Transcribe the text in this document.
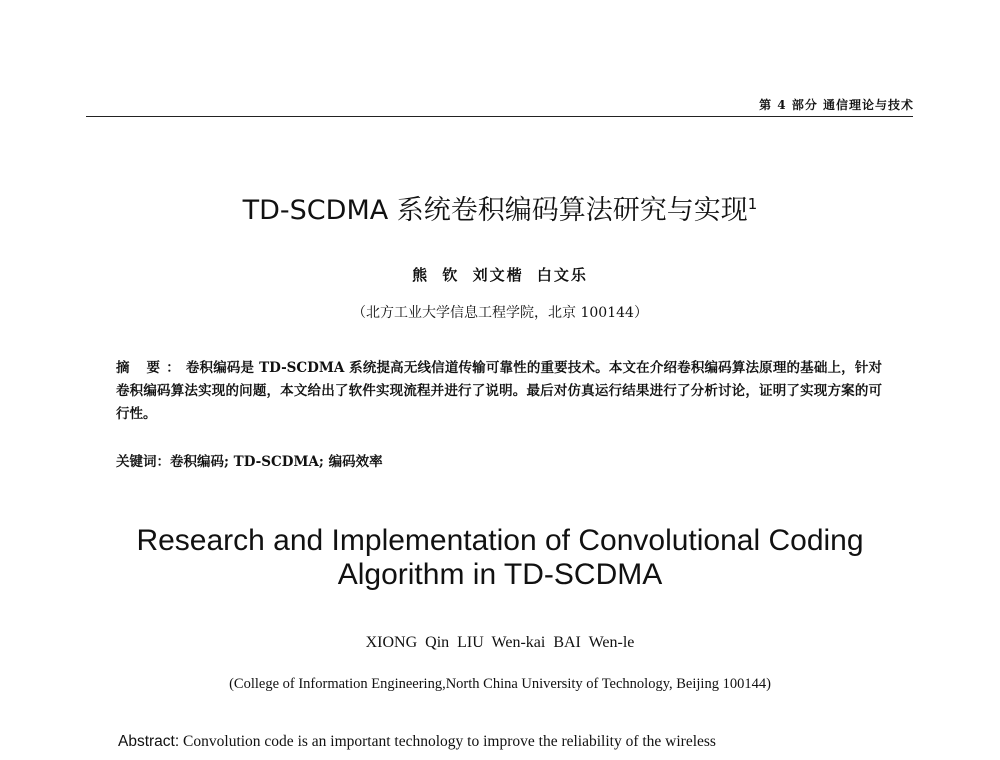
第 4 部分 通信理论与技术
TD-SCDMA 系统卷积编码算法研究与实现$^1$
熊 钦 刘文楷 白文乐
（北方工业大学信息工程学院，北京 100144）

摘 要：卷积编码是 TD-SCDMA 系统提高无线信道传输可靠性的重要技术。本文在介绍卷积编码算法原理的基础上，针对卷积编码算法实现的问题，本文给出了软件实现流程并进行了说明。最后对仿真运行结果进行了分析讨论，证明了实现方案的可行性。

关键词：卷积编码; TD-SCDMA; 编码效率

Research and Implementation of Convolutional Coding
Algorithm in TD-SCDMA
XIONG Qin LIU Wen-kai BAI Wen-le
(College of Information Engineering,North China University of Technology, Beijing 100144)

Abstract: Convolution code is an important technology to improve the reliability of the wireless
